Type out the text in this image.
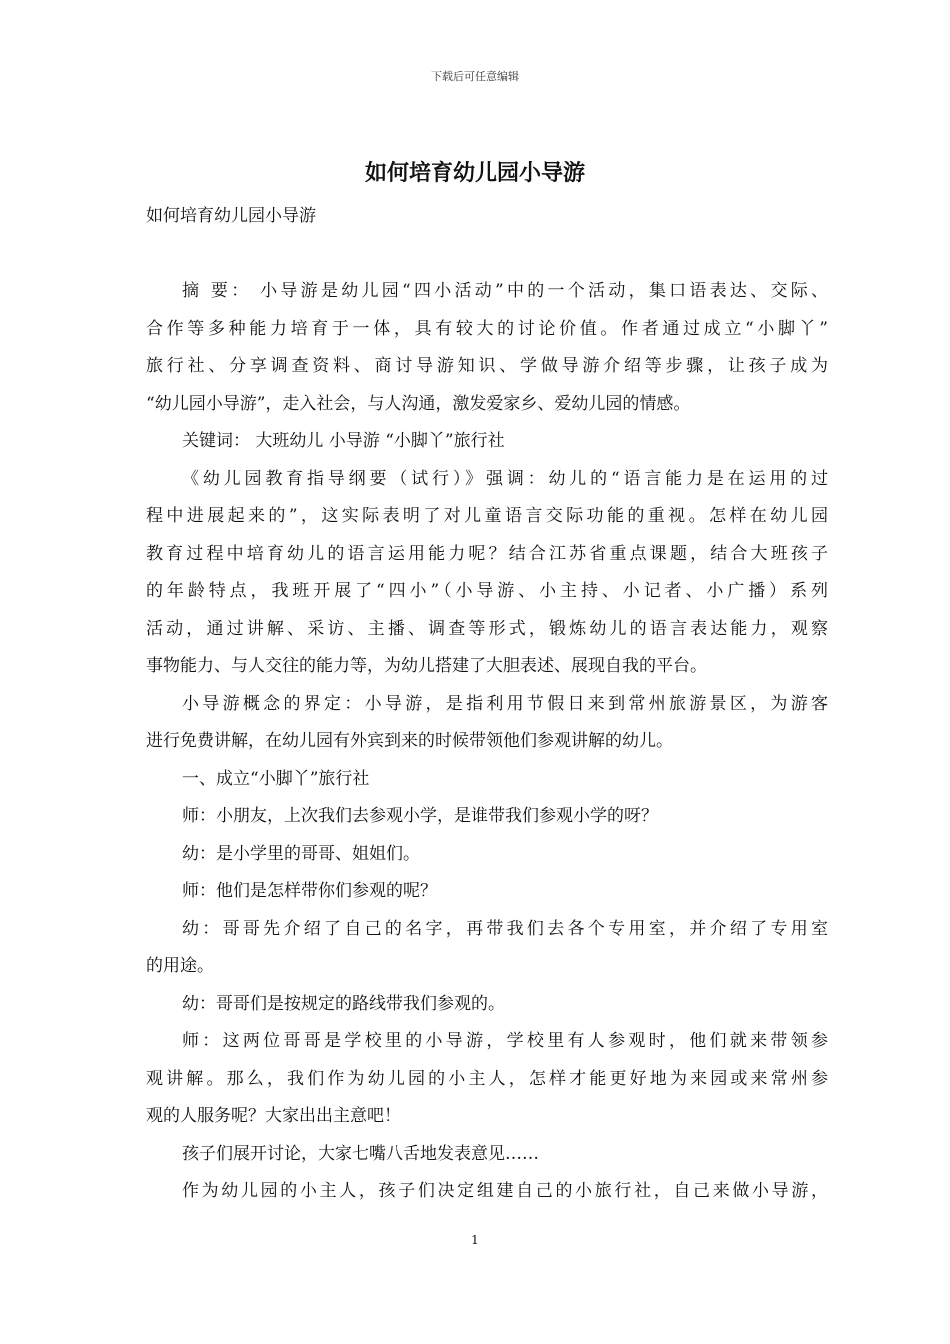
下载后可任意编辑
如何培育幼儿园小导游
如何培育幼儿园小导游
摘 要： 小导游是幼儿园“四小活动”中的一个活动，集口语表达、交际、
合作等多种能力培育于一体，具有较大的讨论价值。作者通过成立“小脚丫”
旅行社、分享调查资料、商讨导游知识、学做导游介绍等步骤，让孩子成为
“幼儿园小导游”，走入社会，与人沟通，激发爱家乡、爱幼儿园的情感。
关键词： 大班幼儿 小导游 “小脚丫”旅行社
《幼儿园教育指导纲要（试行）》强调：幼儿的“语言能力是在运用的过
程中进展起来的”，这实际表明了对儿童语言交际功能的重视。怎样在幼儿园
教育过程中培育幼儿的语言运用能力呢？结合江苏省重点课题，结合大班孩子
的年龄特点，我班开展了“四小”（小导游、小主持、小记者、小广播）系列
活动，通过讲解、采访、主播、调查等形式，锻炼幼儿的语言表达能力，观察
事物能力、与人交往的能力等，为幼儿搭建了大胆表述、展现自我的平台。
小导游概念的界定：小导游，是指利用节假日来到常州旅游景区，为游客
进行免费讲解，在幼儿园有外宾到来的时候带领他们参观讲解的幼儿。
一、成立“小脚丫”旅行社
师：小朋友，上次我们去参观小学，是谁带我们参观小学的呀？
幼：是小学里的哥哥、姐姐们。
师：他们是怎样带你们参观的呢？
幼：哥哥先介绍了自己的名字，再带我们去各个专用室，并介绍了专用室
的用途。
幼：哥哥们是按规定的路线带我们参观的。
师：这两位哥哥是学校里的小导游，学校里有人参观时，他们就来带领参
观讲解。那么，我们作为幼儿园的小主人，怎样才能更好地为来园或来常州参
观的人服务呢？大家出出主意吧！
孩子们展开讨论，大家七嘴八舌地发表意见……
作为幼儿园的小主人，孩子们决定组建自己的小旅行社，自己来做小导游，
1
